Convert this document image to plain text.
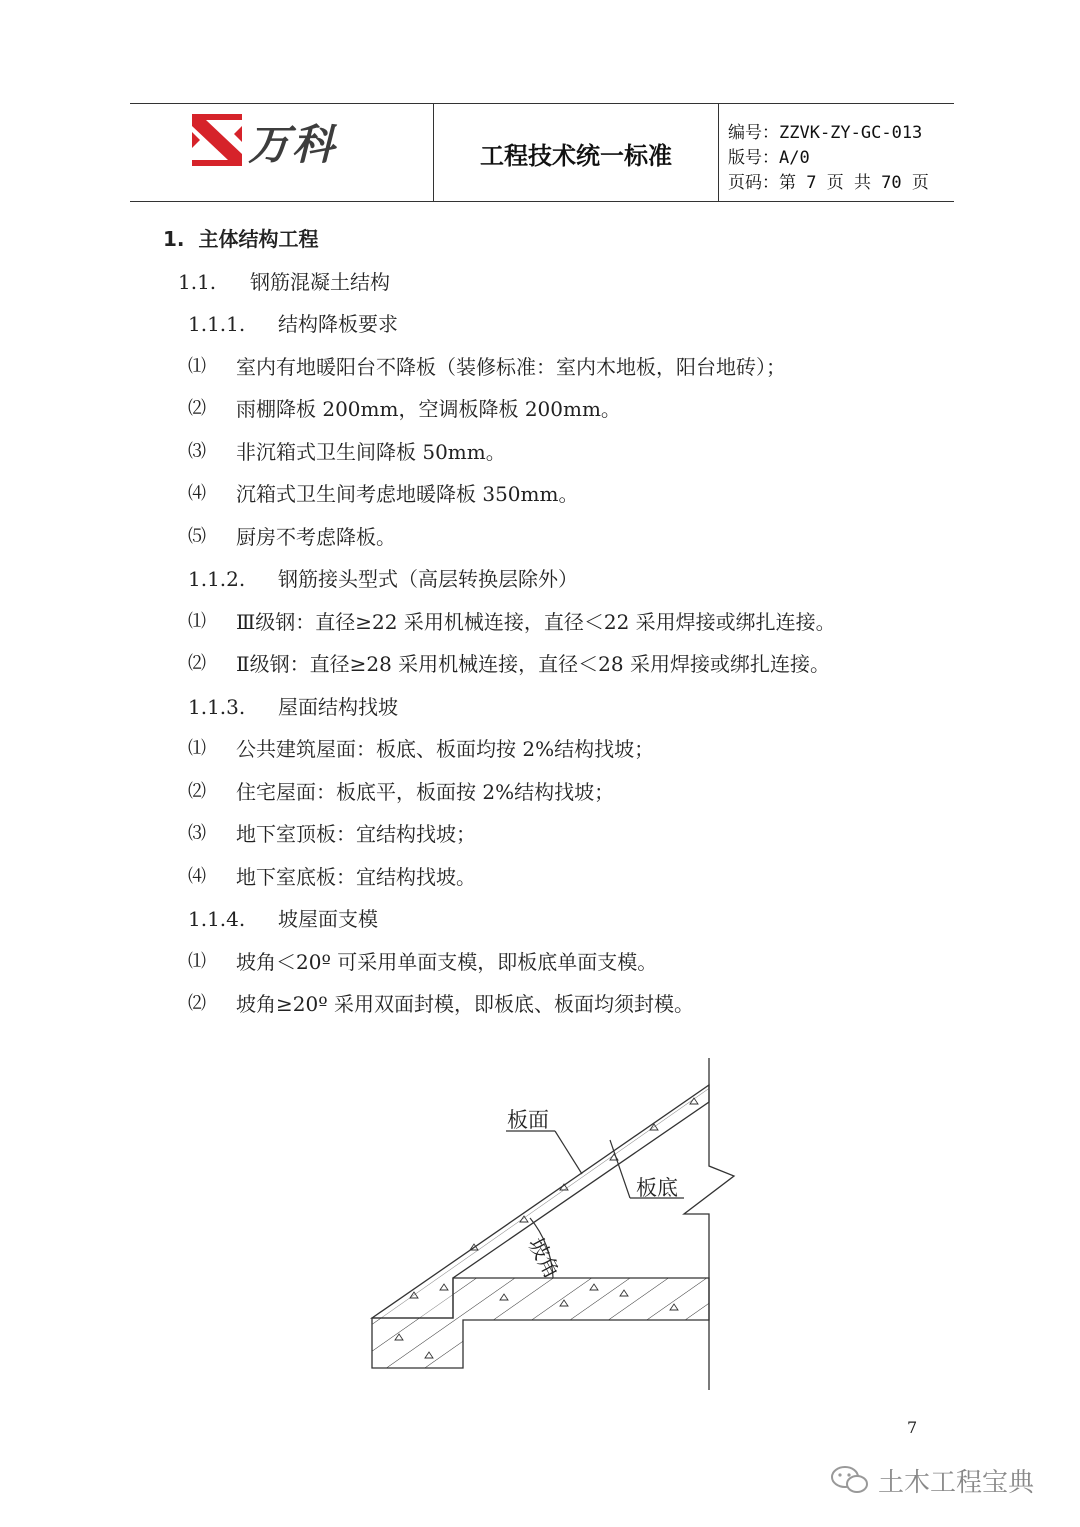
万科	工程技术统一标准
编号：ZZVK-ZY-GC-013
版号：A/0
页码：第 7 页 共 70 页
1. 主体结构工程
1.1. 钢筋混凝土结构
1.1.1. 结构降板要求
⑴ 室内有地暖阳台不降板（装修标准：室内木地板，阳台地砖）；
⑵ 雨棚降板 200mm，空调板降板 200mm。
⑶ 非沉箱式卫生间降板 50mm。
⑷ 沉箱式卫生间考虑地暖降板 350mm。
⑸ 厨房不考虑降板。
1.1.2. 钢筋接头型式（高层转换层除外）
⑴ Ⅲ级钢：直径≥22 采用机械连接，直径＜22 采用焊接或绑扎连接。
⑵ Ⅱ级钢：直径≥28 采用机械连接，直径＜28 采用焊接或绑扎连接。
1.1.3. 屋面结构找坡
⑴ 公共建筑屋面：板底、板面均按 2%结构找坡；
⑵ 住宅屋面：板底平，板面按 2%结构找坡；
⑶ 地下室顶板：宜结构找坡；
⑷ 地下室底板：宜结构找坡。
1.1.4. 坡屋面支模
⑴ 坡角＜20º 可采用单面支模，即板底单面支模。
⑵ 坡角≥20º 采用双面封模，即板底、板面均须封模。
板面
板底
坡角
7
土木工程宝典
